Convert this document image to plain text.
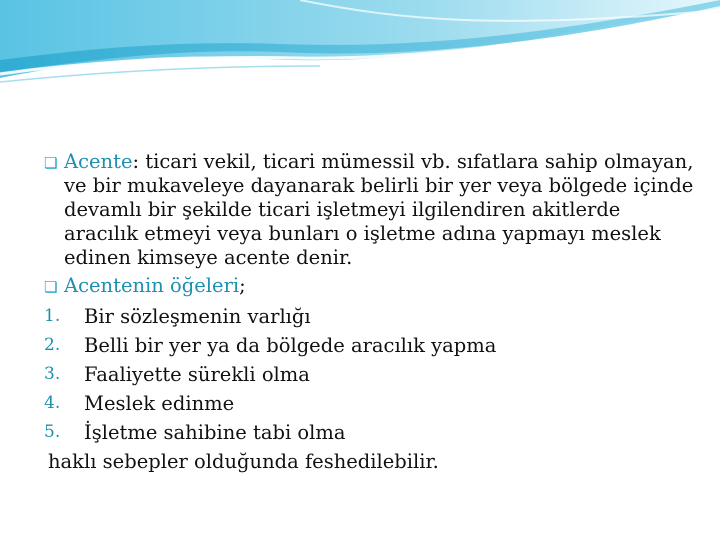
❏ Acente: ticari vekil, ticari mümessil vb. sıfatlara sahip olmayan, ve bir mukaveleye dayanarak belirli bir yer veya bölgede içinde devamlı bir şekilde ticari işletmeyi ilgilendiren akitlerde aracılık etmeyi veya bunları o işletme adına yapmayı meslek edinen kimseye acente denir.

❏ Acentenin öğeleri;

1. Bir sözleşmenin varlığı
2. Belli bir yer ya da bölgede aracılık yapma
3. Faaliyette sürekli olma
4. Meslek edinme
5. İşletme sahibine tabi olma
haklı sebepler olduğunda feshedilebilir.
